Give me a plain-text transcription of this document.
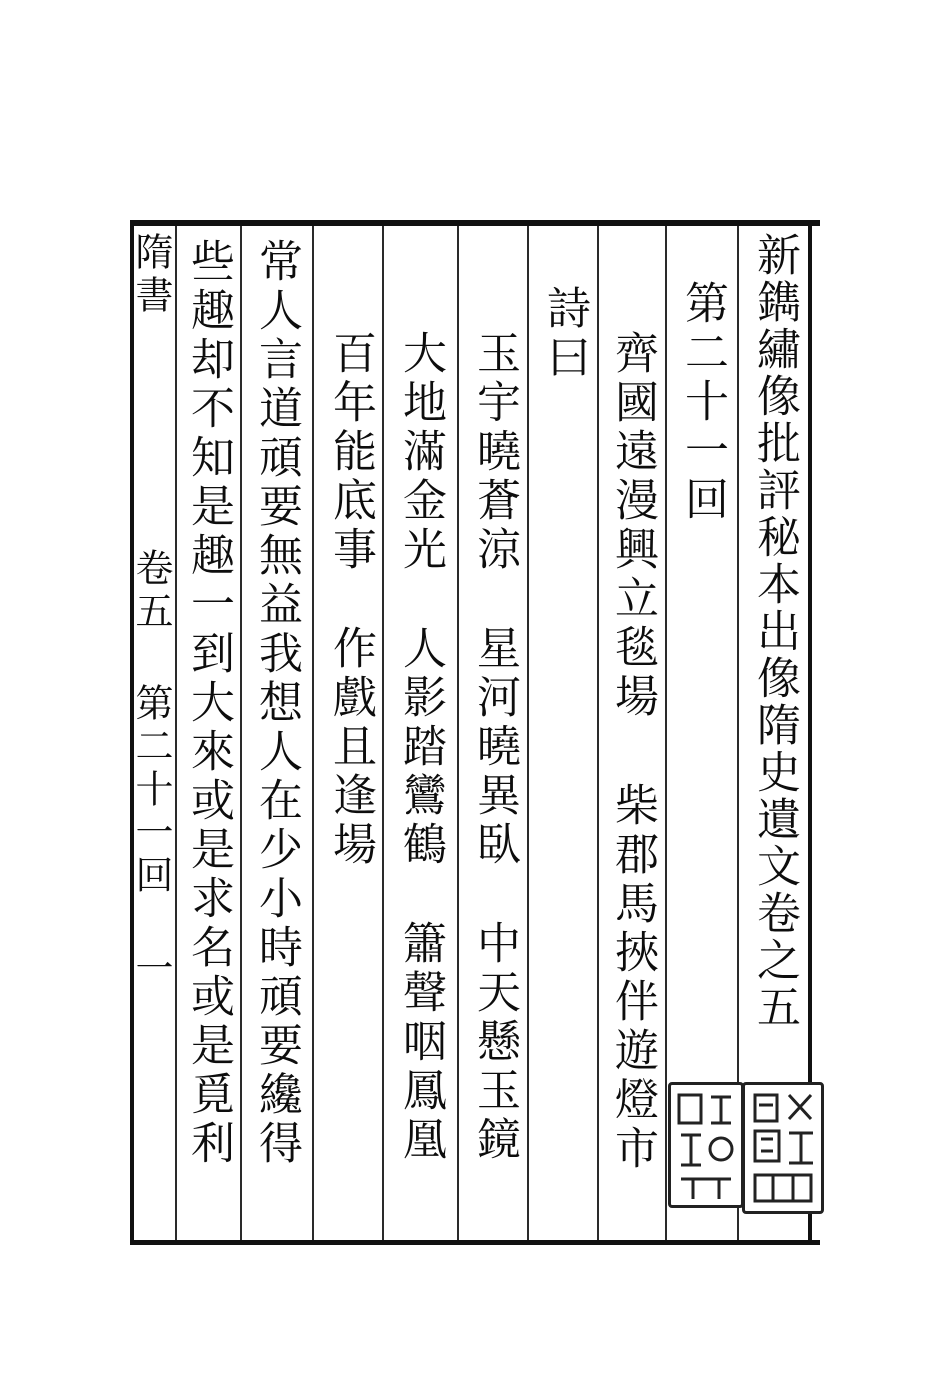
隋書卷五 第二十一回一 些趣却不知是趣一到大來或是求名或是覓利 常人言道頑要無益我想人在少小時頑要纔得 百年能底事作戲且逢場
大地滿金光人影踏鸞鶴簫聲咽鳳凰
玉宇曉蒼涼星河曉異臥中天懸玉鏡
詩曰 齊國遠漫興立毯場柴郡馬挾伴遊燈市
第二十一回 新鐫繡像批評秘本出像隋史遺文卷之五
